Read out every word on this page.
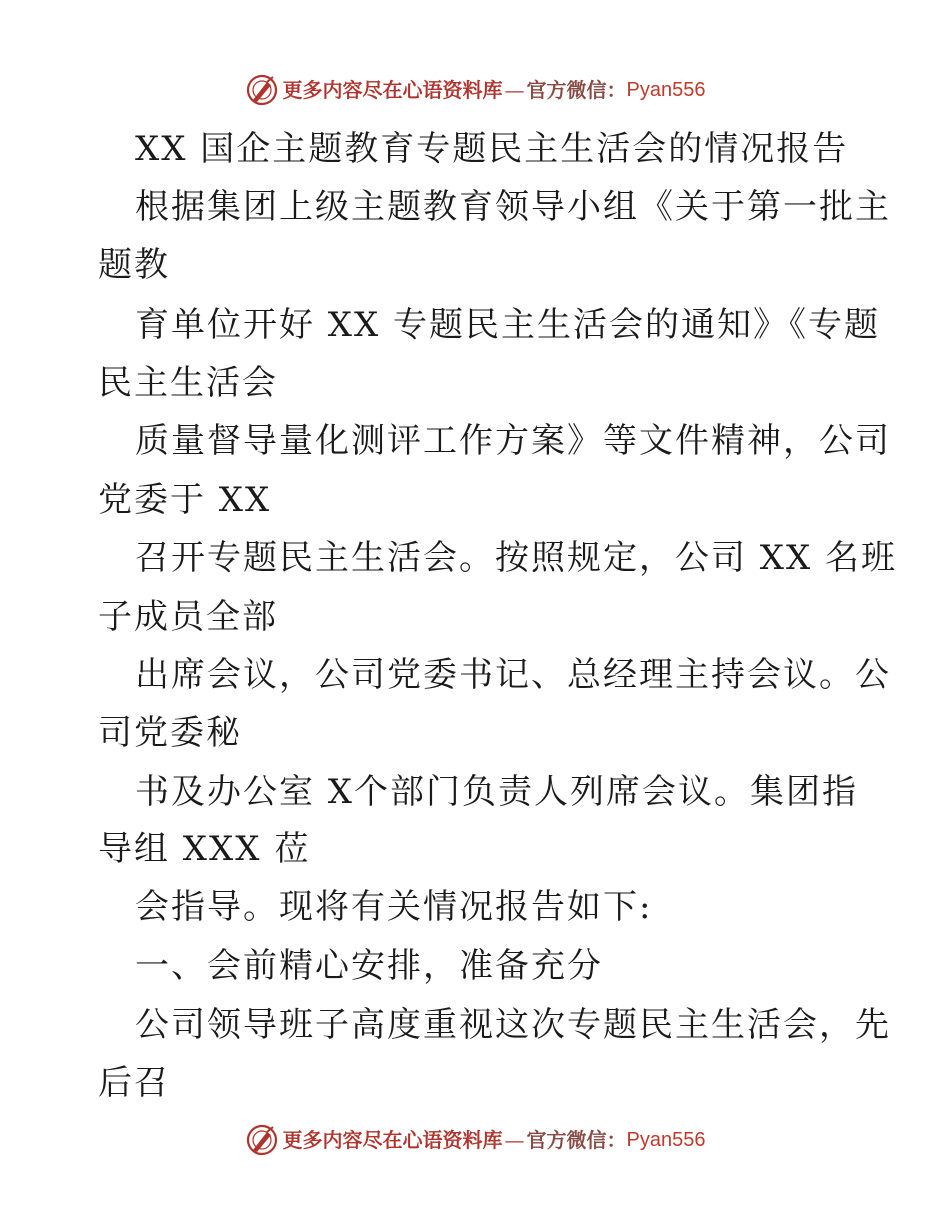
更多内容尽在心语资料库 — 官方微信： Pyan556
XX 国企主题教育专题民主生活会的情况报告
根据集团上级主题教育领导小组《关于第一批主
题教
育单位开好 XX 专题民主生活会的通知》《专题
民主生活会
质量督导量化测评工作方案》等文件精神，公司
党委于 XX
召开专题民主生活会。按照规定，公司 XX 名班
子成员全部
出席会议，公司党委书记、总经理主持会议。公
司党委秘
书及办公室 X个部门负责人列席会议。集团指
导组 XXX 莅
会指导。现将有关情况报告如下:
一、会前精心安排，准备充分
公司领导班子高度重视这次专题民主生活会，先
后召
更多内容尽在心语资料库 — 官方微信： Pyan556
